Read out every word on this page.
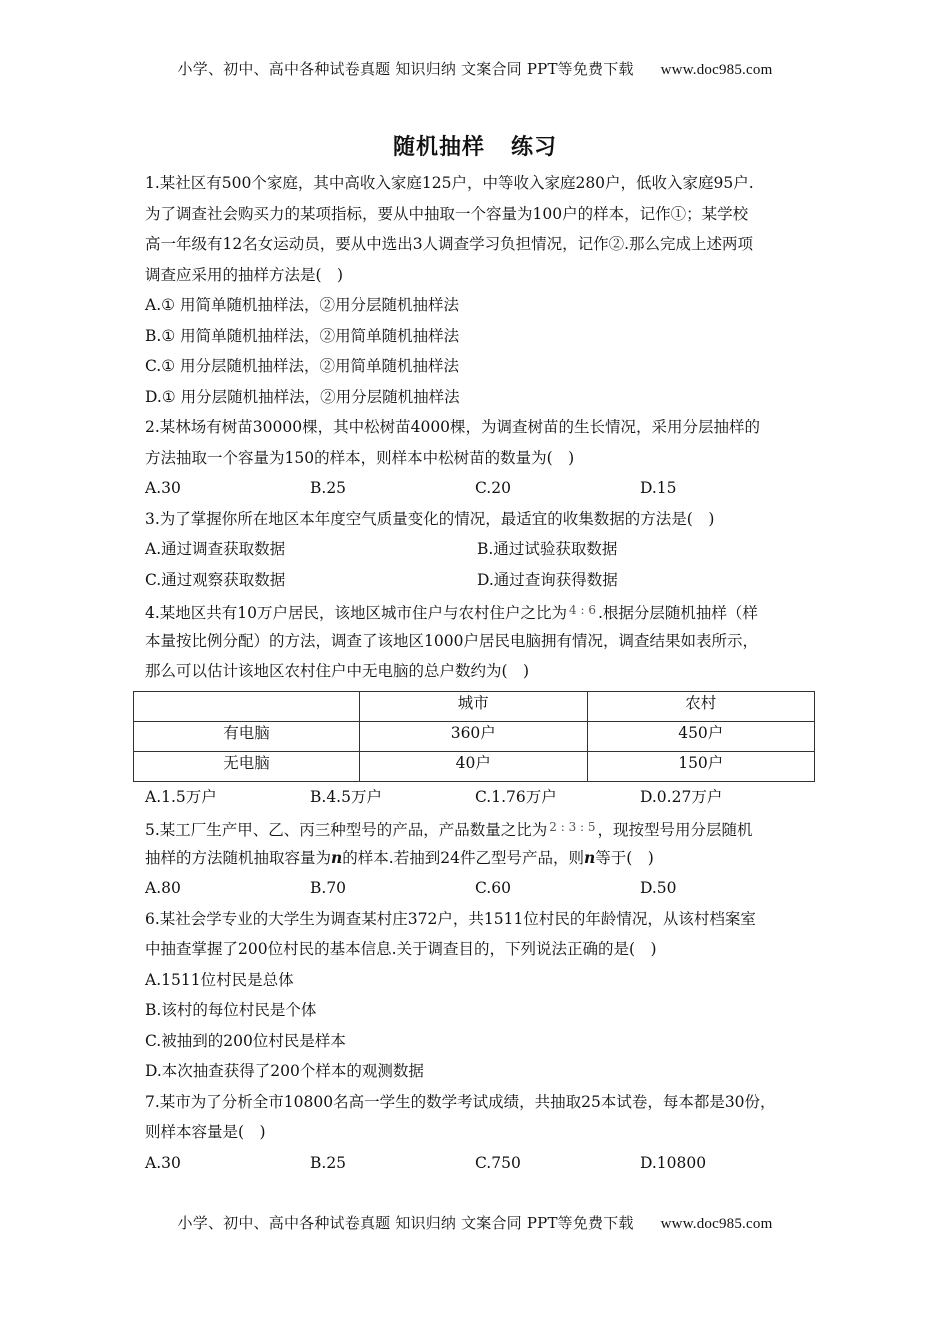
小学、初中、高中各种试卷真题 知识归纳 文案合同 PPT等免费下载 www.doc985.com
随机抽样 练习
1.某社区有500个家庭，其中高收入家庭125户，中等收入家庭280户，低收入家庭95户.
为了调查社会购买力的某项指标，要从中抽取一个容量为100户的样本，记作①；某学校
高一年级有12名女运动员，要从中选出3人调查学习负担情况，记作②.那么完成上述两项
调查应采用的抽样方法是(　)
A.① 用简单随机抽样法，②用分层随机抽样法
B.① 用简单随机抽样法，②用简单随机抽样法
C.① 用分层随机抽样法，②用简单随机抽样法
D.① 用分层随机抽样法，②用分层随机抽样法
2.某林场有树苗30000棵，其中松树苗4000棵，为调查树苗的生长情况，采用分层抽样的
方法抽取一个容量为150的样本，则样本中松树苗的数量为(　)
A.30	B.25	C.20	D.15
3.为了掌握你所在地区本年度空气质量变化的情况，最适宜的收集数据的方法是(　)
A.通过调查获取数据	B.通过试验获取数据
C.通过观察获取数据	D.通过查询获得数据
4.某地区共有10万户居民，该地区城市住户与农村住户之比为 $^{4 : 6}$ .根据分层随机抽样（样
本量按比例分配）的方法，调查了该地区1000户居民电脑拥有情况，调查结果如表所示，
那么可以估计该地区农村住户中无电脑的总户数约为(　)
	城市	农村
有电脑	360户	450户
无电脑	40户	150户
A.1.5万户	B.4.5万户	C.1.76万户	D.0.27万户
5.某工厂生产甲、乙、丙三种型号的产品，产品数量之比为 $^{2 : 3 : 5}$ ，现按型号用分层随机
抽样的方法随机抽取容量为n的样本.若抽到24件乙型号产品，则n等于(　)
A.80	B.70	C.60	D.50
6.某社会学专业的大学生为调查某村庄372户，共1511位村民的年龄情况，从该村档案室
中抽查掌握了200位村民的基本信息.关于调查目的，下列说法正确的是(　)
A.1511位村民是总体
B.该村的每位村民是个体
C.被抽到的200位村民是样本
D.本次抽查获得了200个样本的观测数据
7.某市为了分析全市10800名高一学生的数学考试成绩，共抽取25本试卷，每本都是30份，
则样本容量是(　)
A.30	B.25	C.750	D.10800
小学、初中、高中各种试卷真题 知识归纳 文案合同 PPT等免费下载 www.doc985.com
